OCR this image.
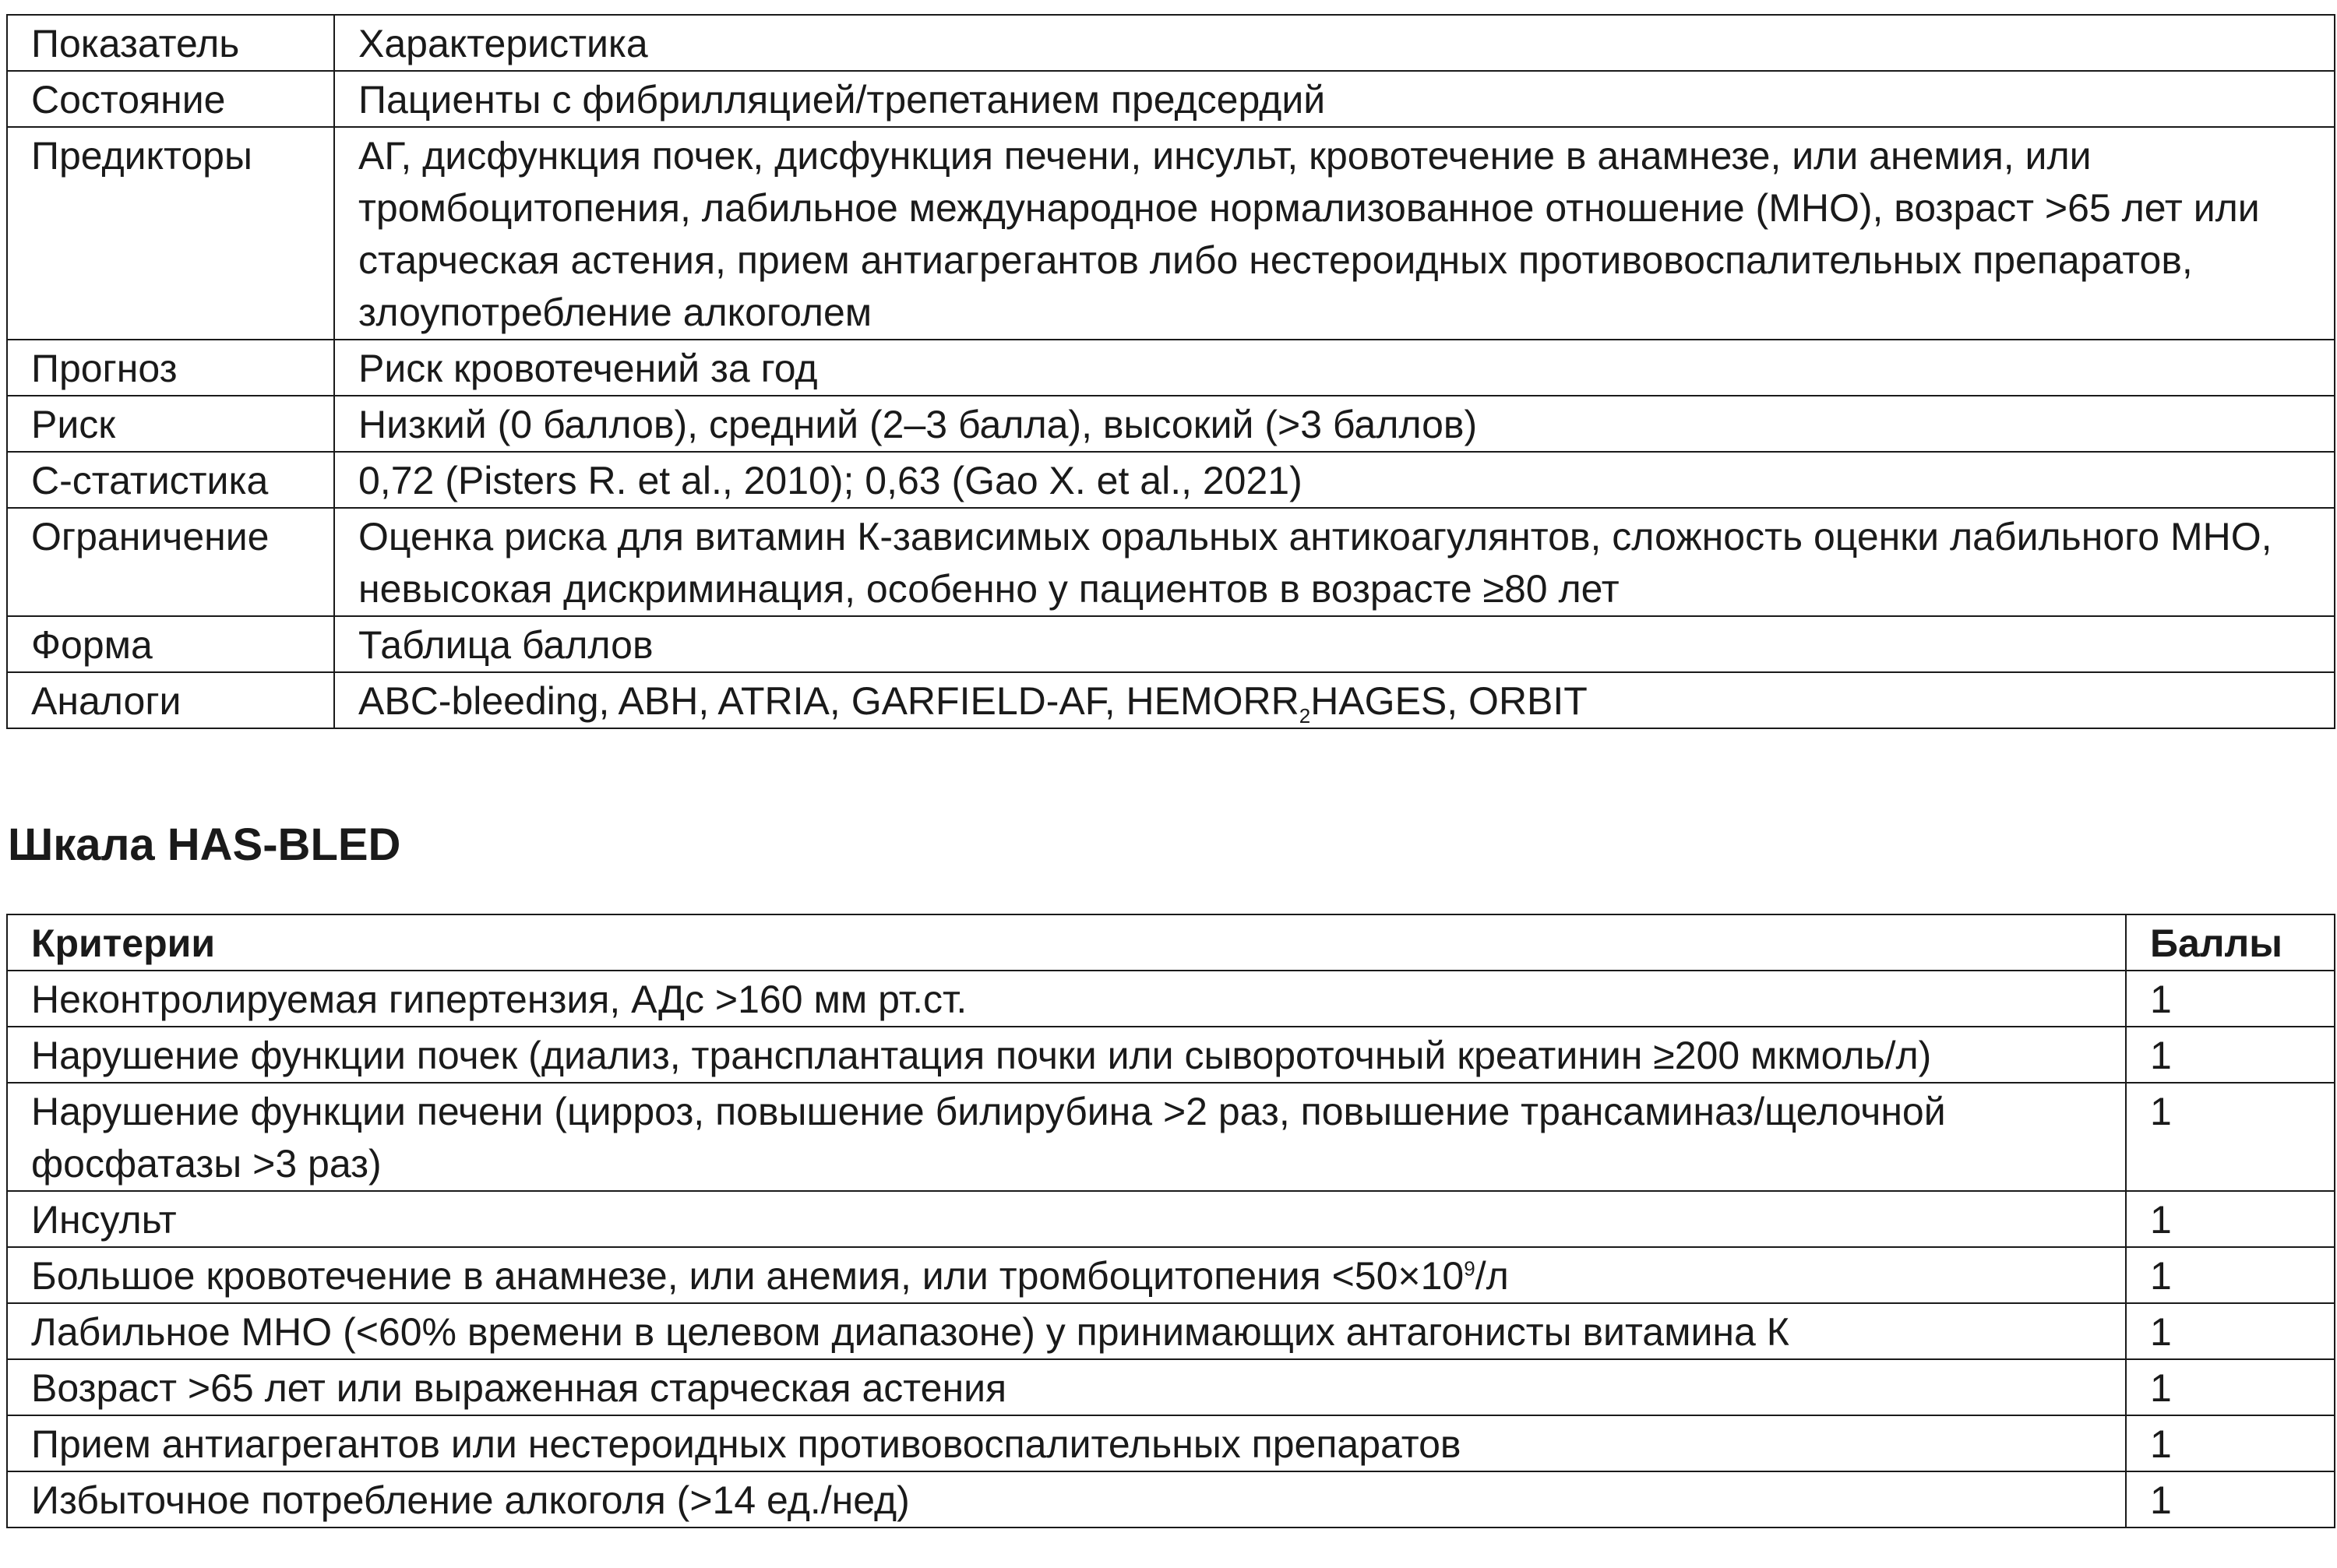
Показатель	Характеристика
Состояние	Пациенты с фибрилляцией/трепетанием предсердий
Предикторы	АГ, дисфункция почек, дисфункция печени, инсульт, кровотечение в анамнезе, или анемия, или тромбоцитопения, лабильное международное нормализованное отношение (МНО), возраст >65 лет или старческая астения, прием антиагрегантов либо нестероидных противовоспалительных препаратов, злоупотребление алкоголем
Прогноз	Риск кровотечений за год
Риск	Низкий (0 баллов), средний (2–3 балла), высокий (>3 баллов)
С-статистика	0,72 (Pisters R. et al., 2010); 0,63 (Gao X. et al., 2021)
Ограничение	Оценка риска для витамин К-зависимых оральных антикоагулянтов, сложность оценки лабильного МНО, невысокая дискриминация, особенно у пациентов в возрасте ≥80 лет
Форма	Таблица баллов
Аналоги	ABC-bleeding, ABH, ATRIA, GARFIELD-AF, $HEMORR_2HAGES$, ORBIT
Шкала HAS-BLED
Критерии	Баллы
Неконтролируемая гипертензия, АДс >160 мм рт.ст.	1
Нарушение функции почек (диализ, трансплантация почки или сывороточный креатинин ≥200 мкмоль/л)	1
Нарушение функции печени (цирроз, повышение билирубина >2 раз, повышение трансаминаз/щелочной фосфатазы >3 раз)	1
Инсульт	1
Большое кровотечение в анамнезе, или анемия, или тромбоцитопения $<50\times 10^9/л$	1
Лабильное МНО (<60% времени в целевом диапазоне) у принимающих антагонисты витамина К	1
Возраст >65 лет или выраженная старческая астения	1
Прием антиагрегантов или нестероидных противовоспалительных препаратов	1
Избыточное потребление алкоголя (>14 ед./нед)	1
